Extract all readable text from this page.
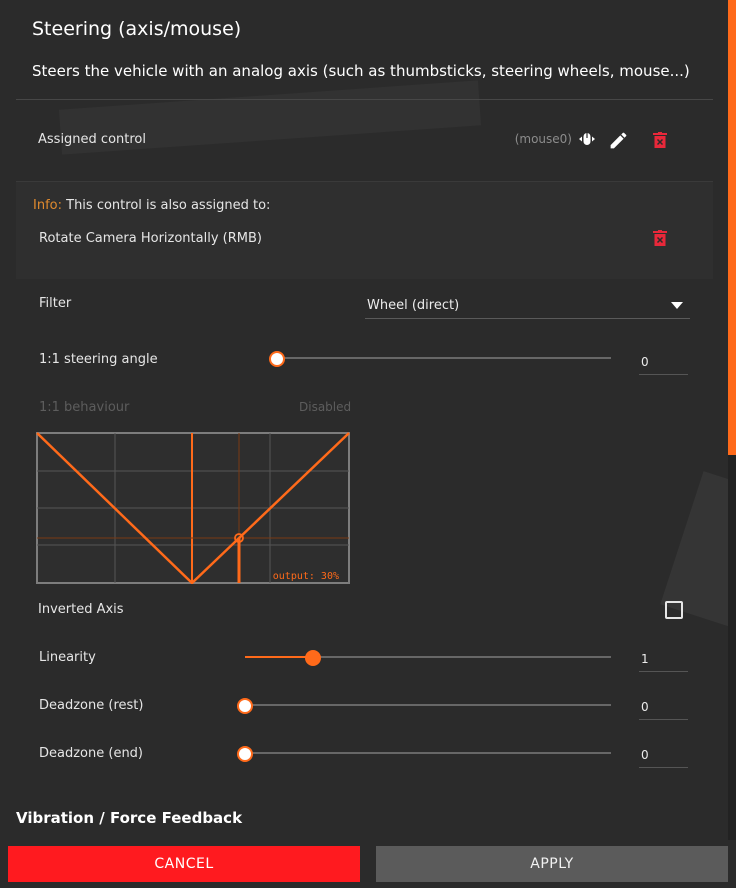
Steering (axis/mouse)
Steers the vehicle with an analog axis (such as thumbsticks, steering wheels, mouse...)
Assigned control	(mouse0)
Info: This control is also assigned to:
Rotate Camera Horizontally (RMB)
Filter	Wheel (direct)
1:1 steering angle	0
1:1 behaviour	Disabled
output: 30%
Inverted Axis
Linearity	1
Deadzone (rest)	0
Deadzone (end)	0
Vibration / Force Feedback
CANCEL	APPLY
